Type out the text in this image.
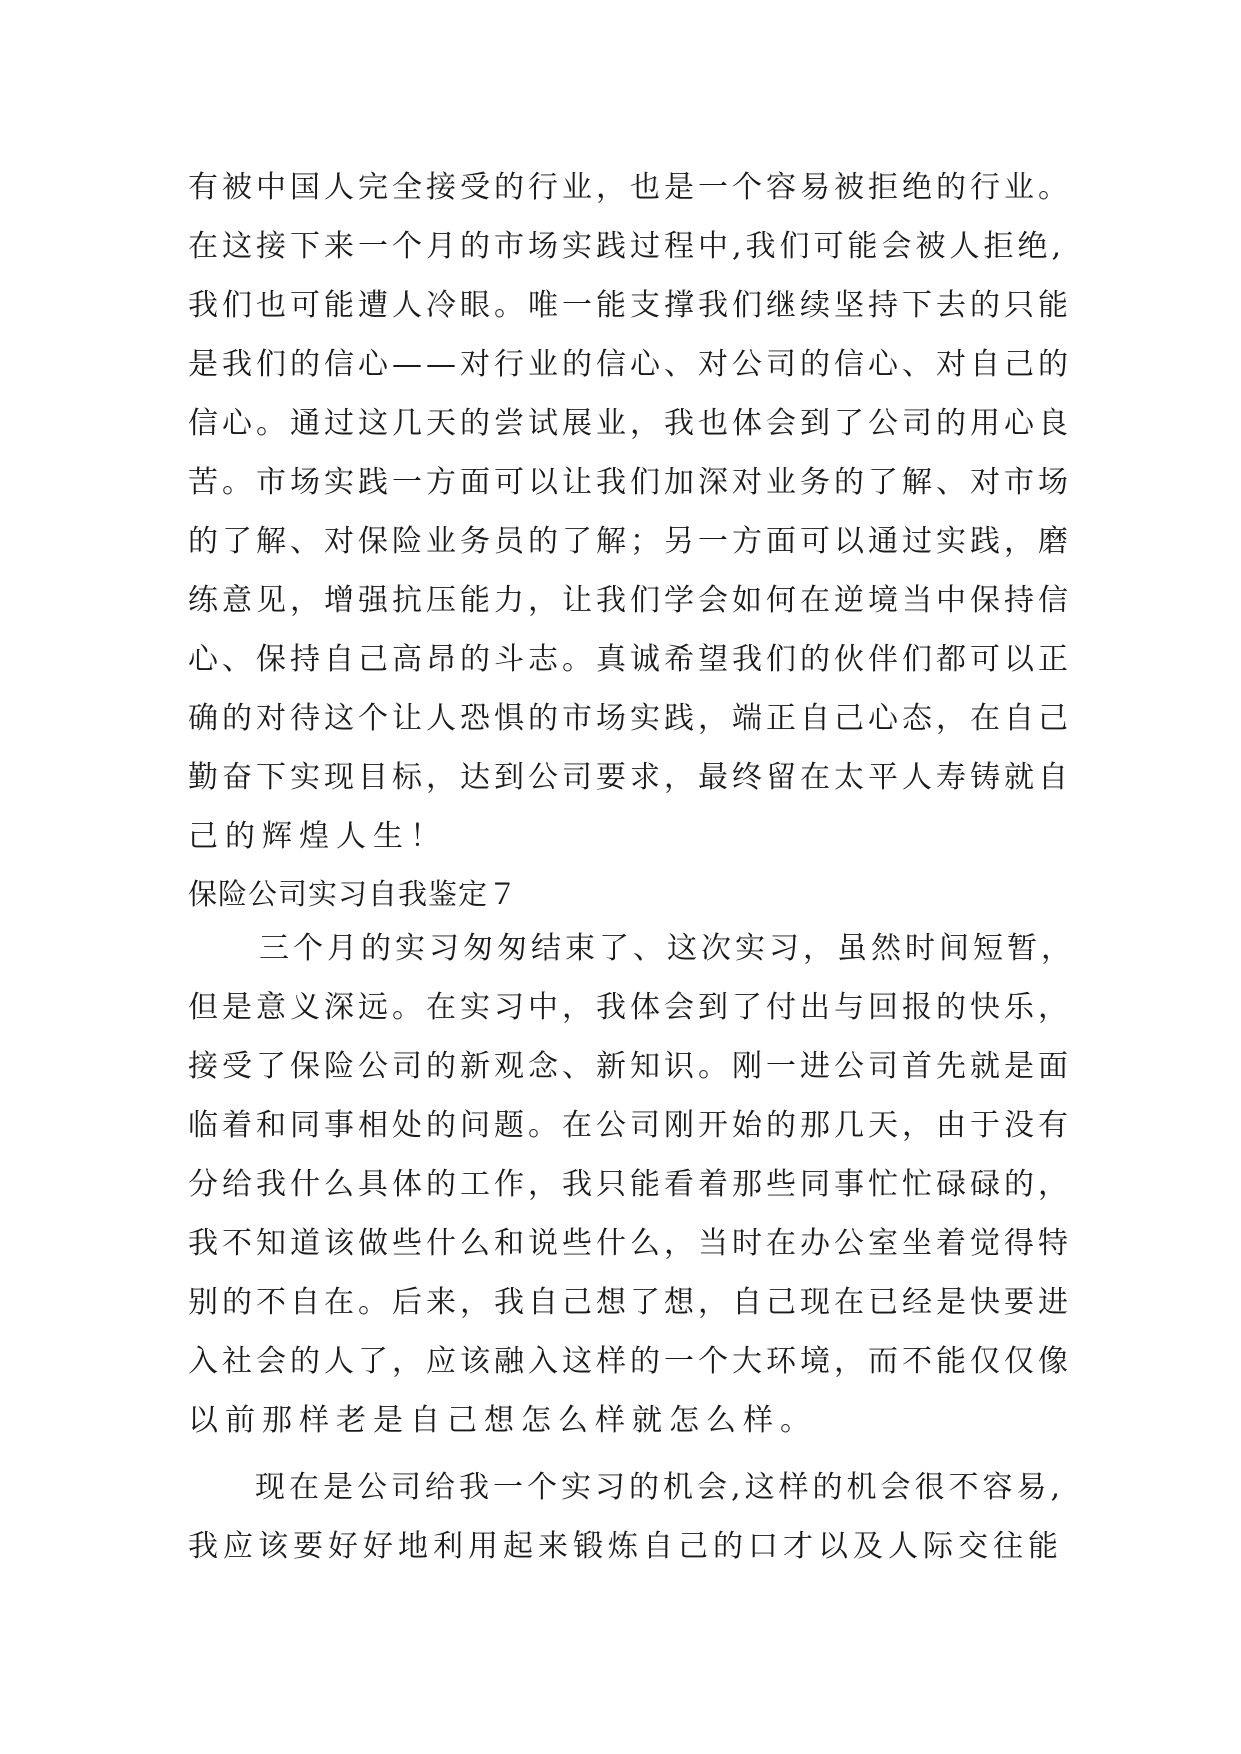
有被中国人完全接受的行业，也是一个容易被拒绝的行业。
在这接下来一个月的市场实践过程中,我们可能会被人拒绝,
我们也可能遭人冷眼。唯一能支撑我们继续坚持下去的只能
是我们的信心——对行业的信心、对公司的信心、对自己的
信心。通过这几天的尝试展业，我也体会到了公司的用心良
苦。市场实践一方面可以让我们加深对业务的了解、对市场
的了解、对保险业务员的了解；另一方面可以通过实践，磨
练意见，增强抗压能力，让我们学会如何在逆境当中保持信
心、保持自己高昂的斗志。真诚希望我们的伙伴们都可以正
确的对待这个让人恐惧的市场实践，端正自己心态，在自己
勤奋下实现目标，达到公司要求，最终留在太平人寿铸就自
己的辉煌人生！
保险公司实习自我鉴定７
三个月的实习匆匆结束了、这次实习，虽然时间短暂，
但是意义深远。在实习中，我体会到了付出与回报的快乐，
接受了保险公司的新观念、新知识。刚一进公司首先就是面
临着和同事相处的问题。在公司刚开始的那几天，由于没有
分给我什么具体的工作，我只能看着那些同事忙忙碌碌的，
我不知道该做些什么和说些什么，当时在办公室坐着觉得特
别的不自在。后来，我自己想了想，自己现在已经是快要进
入社会的人了，应该融入这样的一个大环境，而不能仅仅像
以前那样老是自己想怎么样就怎么样。
现在是公司给我一个实习的机会,这样的机会很不容易,
我应该要好好地利用起来锻炼自己的口才以及人际交往能
